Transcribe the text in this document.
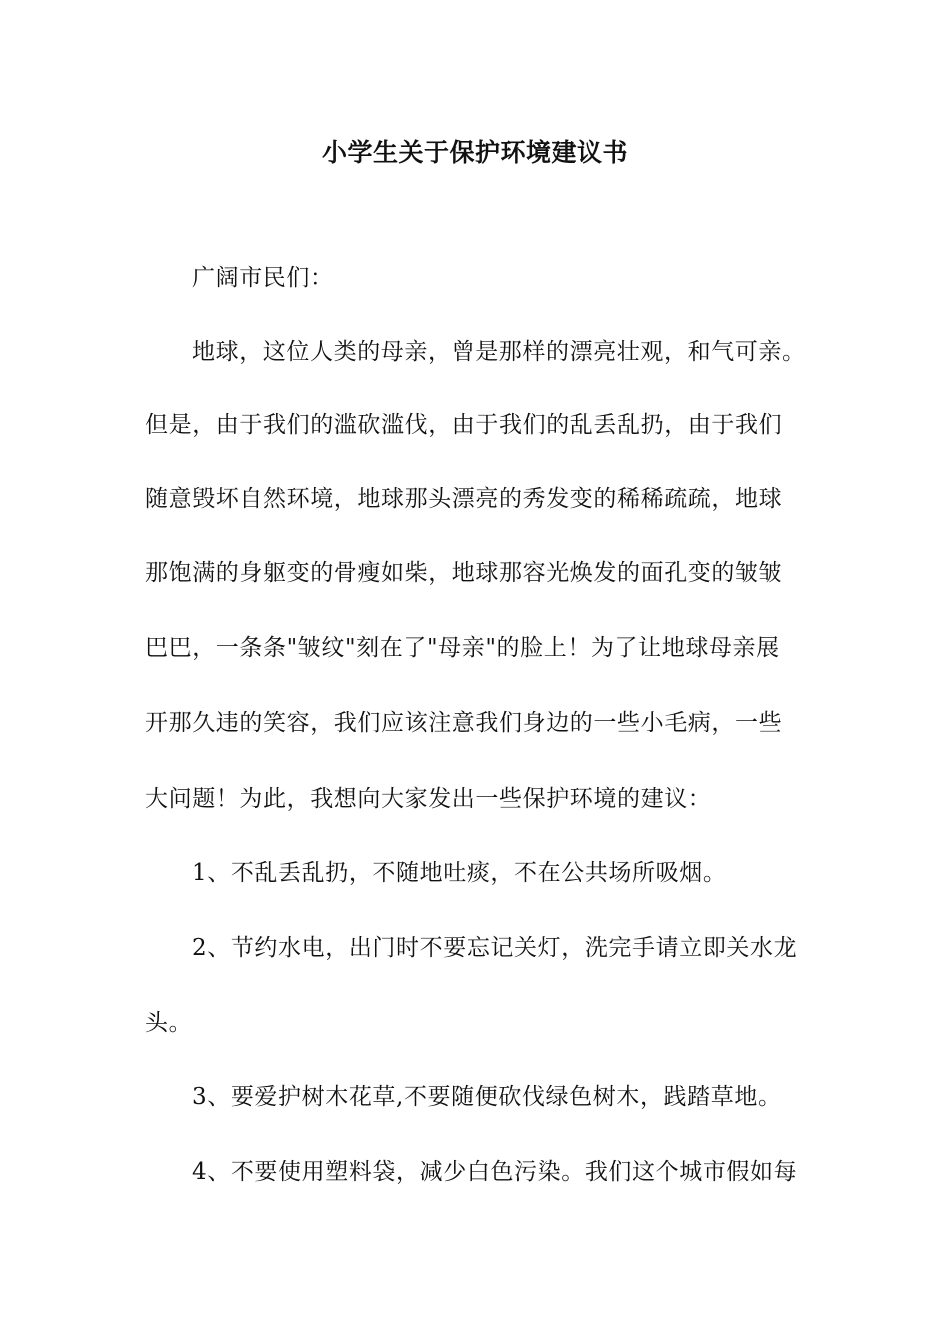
小学生关于保护环境建议书
广阔市民们：
地球，这位人类的母亲，曾是那样的漂亮壮观，和气可亲。
但是，由于我们的滥砍滥伐，由于我们的乱丢乱扔，由于我们
随意毁坏自然环境，地球那头漂亮的秀发变的稀稀疏疏，地球
那饱满的身躯变的骨瘦如柴，地球那容光焕发的面孔变的皱皱
巴巴，一条条"皱纹"刻在了"母亲"的脸上！为了让地球母亲展
开那久违的笑容，我们应该注意我们身边的一些小毛病，一些
大问题！为此，我想向大家发出一些保护环境的建议：
1、不乱丢乱扔，不随地吐痰，不在公共场所吸烟。
2、节约水电，出门时不要忘记关灯，洗完手请立即关水龙
头。
3、要爱护树木花草,不要随便砍伐绿色树木，践踏草地。
4、不要使用塑料袋，减少白色污染。我们这个城市假如每
